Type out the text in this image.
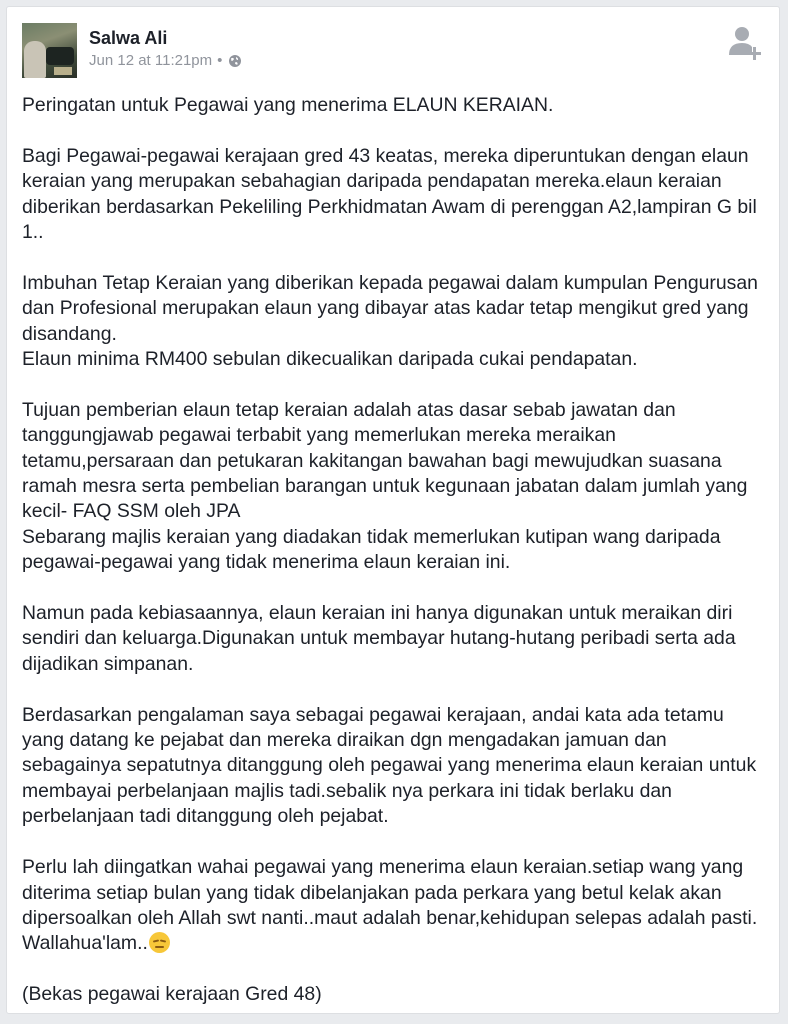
Salwa Ali
Jun 12 at 11:21pm •

Peringatan untuk Pegawai yang menerima ELAUN KERAIAN.

Bagi Pegawai-pegawai kerajaan gred 43 keatas, mereka diperuntukan dengan elaun
keraian yang merupakan sebahagian daripada pendapatan mereka.elaun keraian
diberikan berdasarkan Pekeliling Perkhidmatan Awam di perenggan A2,lampiran G bil
1..

Imbuhan Tetap Keraian yang diberikan kepada pegawai dalam kumpulan Pengurusan
dan Profesional merupakan elaun yang dibayar atas kadar tetap mengikut gred yang
disandang.
Elaun minima RM400 sebulan dikecualikan daripada cukai pendapatan.

Tujuan pemberian elaun tetap keraian adalah atas dasar sebab jawatan dan
tanggungjawab pegawai terbabit yang memerlukan mereka meraikan
tetamu,persaraan dan petukaran kakitangan bawahan bagi mewujudkan suasana
ramah mesra serta pembelian barangan untuk kegunaan jabatan dalam jumlah yang
kecil- FAQ SSM oleh JPA
Sebarang majlis keraian yang diadakan tidak memerlukan kutipan wang daripada
pegawai-pegawai yang tidak menerima elaun keraian ini.

Namun pada kebiasaannya, elaun keraian ini hanya digunakan untuk meraikan diri
sendiri dan keluarga.Digunakan untuk membayar hutang-hutang peribadi serta ada
dijadikan simpanan.

Berdasarkan pengalaman saya sebagai pegawai kerajaan, andai kata ada tetamu
yang datang ke pejabat dan mereka diraikan dgn mengadakan jamuan dan
sebagainya sepatutnya ditanggung oleh pegawai yang menerima elaun keraian untuk
membayai perbelanjaan majlis tadi.sebalik nya perkara ini tidak berlaku dan
perbelanjaan tadi ditanggung oleh pejabat.

Perlu lah diingatkan wahai pegawai yang menerima elaun keraian.setiap wang yang
diterima setiap bulan yang tidak dibelanjakan pada perkara yang betul kelak akan
dipersoalkan oleh Allah swt nanti..maut adalah benar,kehidupan selepas adalah pasti.
Wallahua'lam..

(Bekas pegawai kerajaan Gred 48)
